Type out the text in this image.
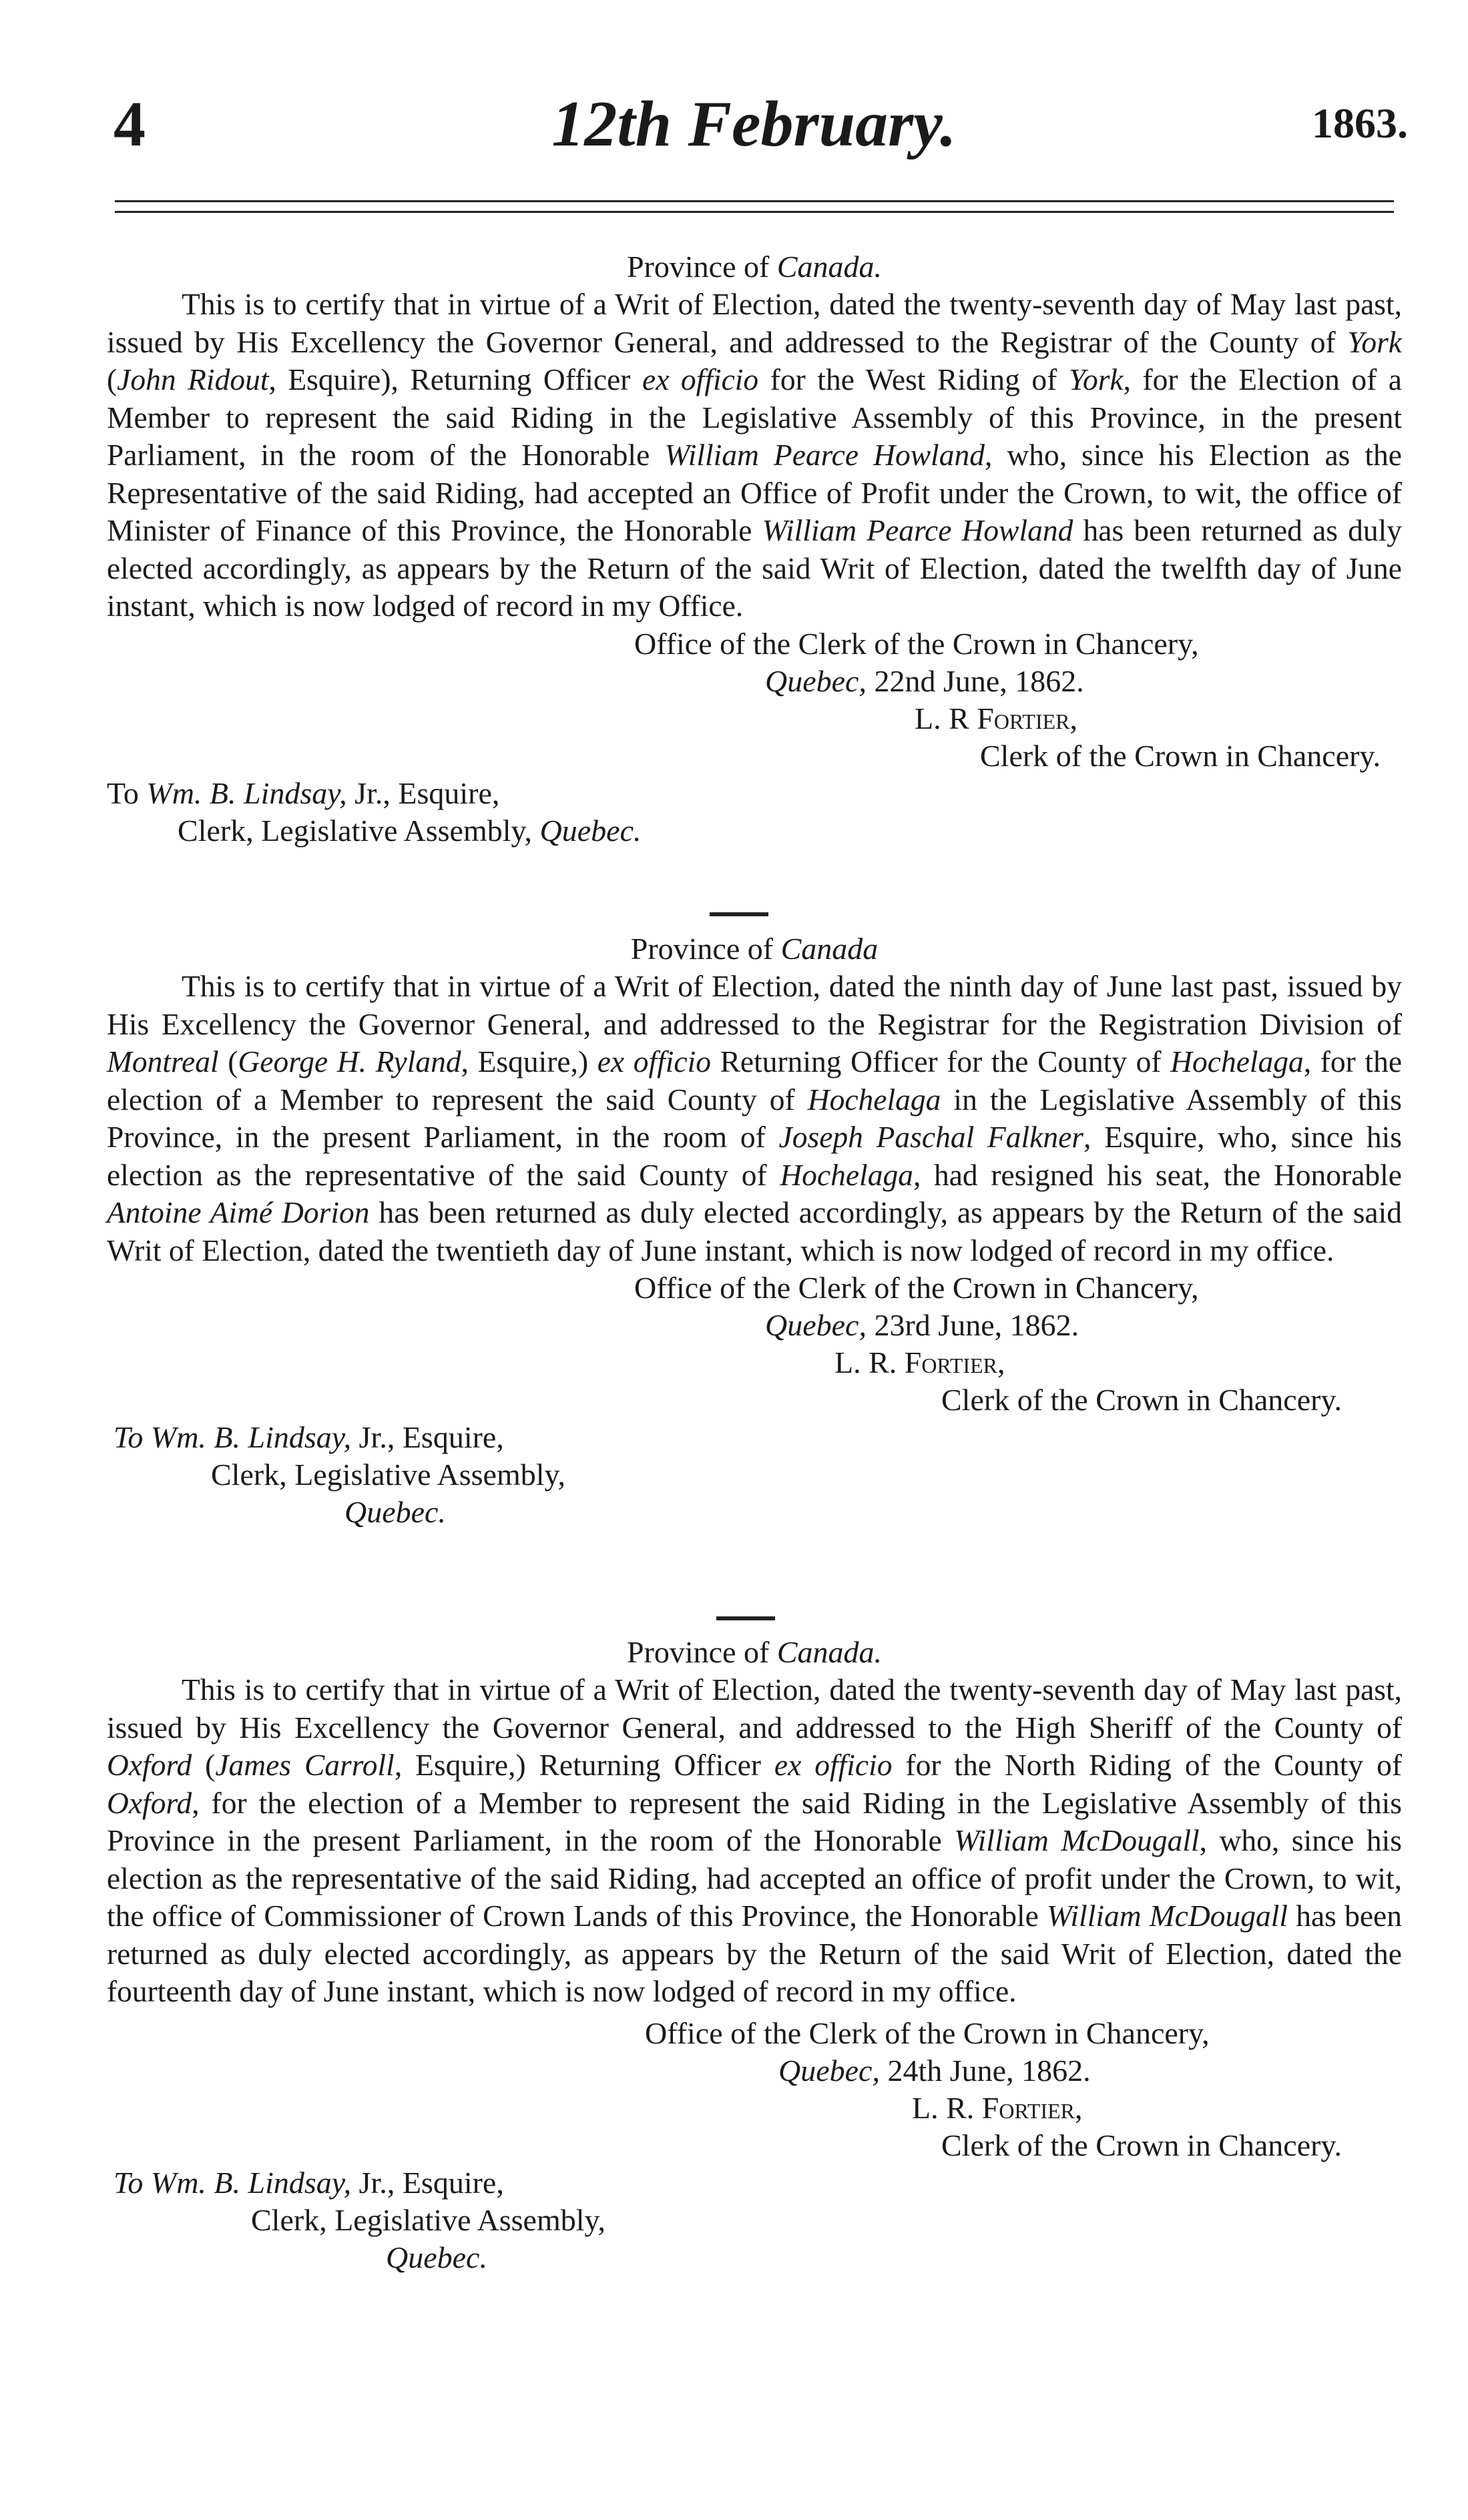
4	12th February.	1863.

Province of Canada.

This is to certify that in virtue of a Writ of Election, dated the twenty-seventh day of May last past, issued by His Excellency the Governor General, and addressed to the Registrar of the County of York (John Ridout, Esquire), Returning Officer ex officio for the West Riding of York, for the Election of a Member to represent the said Riding in the Legislative Assembly of this Province, in the present Parliament, in the room of the Honorable William Pearce Howland, who, since his Election as the Representative of the said Riding, had accepted an Office of Profit under the Crown, to wit, the office of Minister of Finance of this Province, the Honorable William Pearce Howland has been returned as duly elected accordingly, as appears by the Return of the said Writ of Election, dated the twelfth day of June instant, which is now lodged of record in my Office.

Office of the Clerk of the Crown in Chancery,
Quebec, 22nd June, 1862.
L. R Fortier,
Clerk of the Crown in Chancery.
To Wm. B. Lindsay, Jr., Esquire,
Clerk, Legislative Assembly, Quebec.

Province of Canada

This is to certify that in virtue of a Writ of Election, dated the ninth day of June last past, issued by His Excellency the Governor General, and addressed to the Registrar for the Registration Division of Montreal (George H. Ryland, Esquire,) ex officio Returning Officer for the County of Hochelaga, for the election of a Member to represent the said County of Hochelaga in the Legislative Assembly of this Province, in the present Parliament, in the room of Joseph Paschal Falkner, Esquire, who, since his election as the representative of the said County of Hochelaga, had resigned his seat, the Honorable Antoine Aimé Dorion has been returned as duly elected accordingly, as appears by the Return of the said Writ of Election, dated the twentieth day of June instant, which is now lodged of record in my office.

Office of the Clerk of the Crown in Chancery,
Quebec, 23rd June, 1862.
L. R. Fortier,
Clerk of the Crown in Chancery.
To Wm. B. Lindsay, Jr., Esquire,
Clerk, Legislative Assembly,
Quebec.

Province of Canada.

This is to certify that in virtue of a Writ of Election, dated the twenty-seventh day of May last past, issued by His Excellency the Governor General, and addressed to the High Sheriff of the County of Oxford (James Carroll, Esquire,) Returning Officer ex officio for the North Riding of the County of Oxford, for the election of a Member to represent the said Riding in the Legislative Assembly of this Province in the present Parliament, in the room of the Honorable William McDougall, who, since his election as the representative of the said Riding, had accepted an office of profit under the Crown, to wit, the office of Commissioner of Crown Lands of this Province, the Honorable William McDougall has been returned as duly elected accordingly, as appears by the Return of the said Writ of Election, dated the fourteenth day of June instant, which is now lodged of record in my office.

Office of the Clerk of the Crown in Chancery,
Quebec, 24th June, 1862.
L. R. Fortier,
Clerk of the Crown in Chancery.
To Wm. B. Lindsay, Jr., Esquire,
Clerk, Legislative Assembly,
Quebec.
